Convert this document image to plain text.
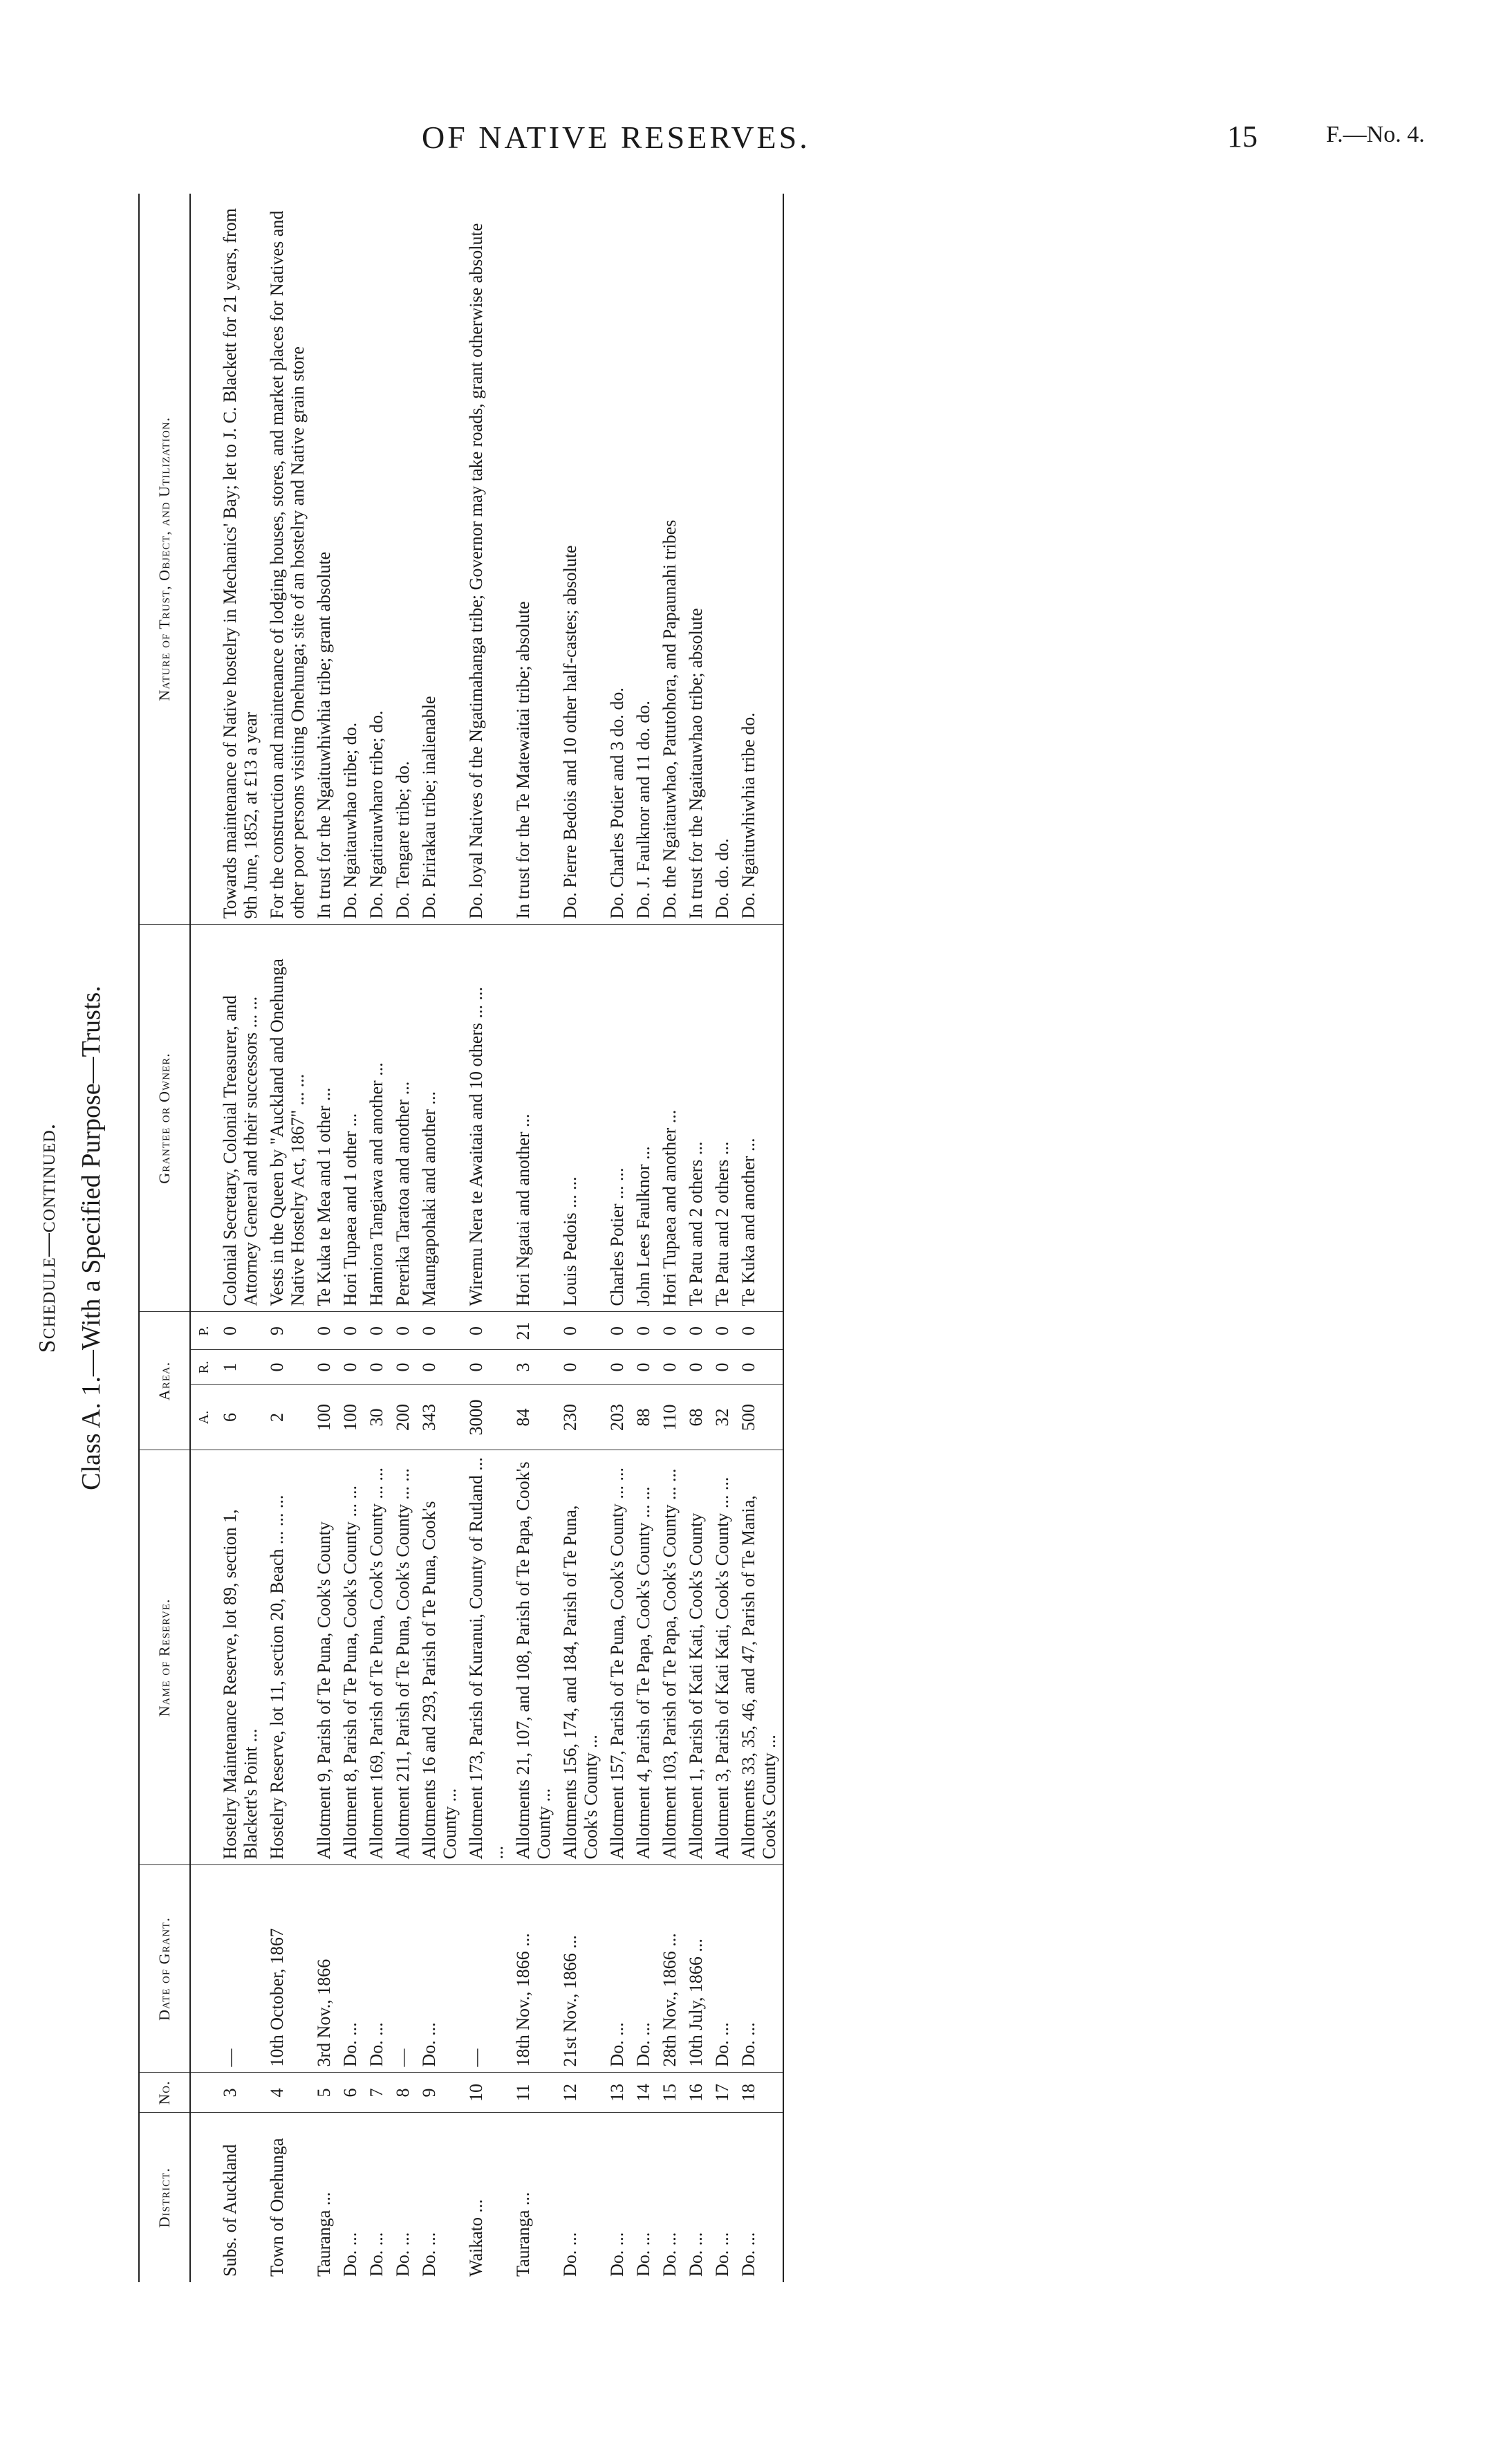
OF NATIVE RESERVES.	15	F.—No. 4.
Schedule—continued. Class A. 1.—With a Specified Purpose—Trusts.
District.	No.	Date of Grant.	Name of Reserve.	Area.			Grantee or Owner.	Nature of Trust, Object, and Utilization.
				A.	R.	P.		
Subs. of Auckland	3	—	Hostelry Maintenance Reserve, lot 89, section 1, Blackett's Point ...	6	1	0	Colonial Secretary, Colonial Treasurer, and Attorney General and their successors ... ...	Towards maintenance of Native hostelry in Mechanics' Bay; let to J. C. Blackett for 21 years, from 9th June, 1852, at £13 a year
Town of Onehunga	4	10th October, 1867	Hostelry Reserve, lot 11, section 20, Beach ... ... ...	2	0	9	Vests in the Queen by "Auckland and Onehunga Native Hostelry Act, 1867" ... ...	For the construction and maintenance of lodging houses, stores, and market places for Natives and other poor persons visiting Onehunga; site of an hostelry and Native grain store
Tauranga ...	5	3rd Nov., 1866	Allotment 9, Parish of Te Puna, Cook's County	100	0	0	Te Kuka te Mea and 1 other ...	In trust for the Ngaituwhiwhia tribe; grant absolute
Do. ...	6	Do. ...	Allotment 8, Parish of Te Puna, Cook's County ... ...	100	0	0	Hori Tupaea and 1 other ...	Do. Ngaitauwhao tribe; do.
Do. ...	7	Do. ...	Allotment 169, Parish of Te Puna, Cook's County ... ...	30	0	0	Hamiora Tangiawa and another ...	Do. Ngatirauwharo tribe; do.
Do. ...	8	—	Allotment 211, Parish of Te Puna, Cook's County ... ...	200	0	0	Pererika Taratoa and another ...	Do. Tengare tribe; do.
Do. ...	9	Do. ...	Allotments 16 and 293, Parish of Te Puna, Cook's County ...	343	0	0	Maungapohaki and another ...	Do. Pirirakau tribe; inalienable
Waikato ...	10	—	Allotment 173, Parish of Kuranui, County of Rutland ... ...	3000	0	0	Wiremu Nera te Awaitaia and 10 others ... ...	Do. loyal Natives of the Ngatimahanga tribe; Governor may take roads, grant otherwise absolute
Tauranga ...	11	18th Nov., 1866 ...	Allotments 21, 107, and 108, Parish of Te Papa, Cook's County ...	84	3	21	Hori Ngatai and another ...	In trust for the Te Matewaitai tribe; absolute
Do. ...	12	21st Nov., 1866 ...	Allotments 156, 174, and 184, Parish of Te Puna, Cook's County ...	230	0	0	Louis Pedois ... ...	Do. Pierre Bedois and 10 other half-castes; absolute
Do. ...	13	Do. ...	Allotment 157, Parish of Te Puna, Cook's County ... ...	203	0	0	Charles Potier ... ...	Do. Charles Potier and 3 do. do.
Do. ...	14	Do. ...	Allotment 4, Parish of Te Papa, Cook's County ... ...	88	0	0	John Lees Faulknor ...	Do. J. Faulknor and 11 do. do.
Do. ...	15	28th Nov., 1866 ...	Allotment 103, Parish of Te Papa, Cook's County ... ...	110	0	0	Hori Tupaea and another ...	Do. the Ngaitauwhao, Patutohora, and Papaunahi tribes
Do. ...	16	10th July, 1866 ...	Allotment 1, Parish of Kati Kati, Cook's County	68	0	0	Te Patu and 2 others ...	In trust for the Ngaitauwhao tribe; absolute
Do. ...	17	Do. ...	Allotment 3, Parish of Kati Kati, Cook's County ... ...	32	0	0	Te Patu and 2 others ...	Do. do. do.
Do. ...	18	Do. ...	Allotments 33, 35, 46, and 47, Parish of Te Mania, Cook's County ...	500	0	0	Te Kuka and another ...	Do. Ngaituwhiwhia tribe do.
